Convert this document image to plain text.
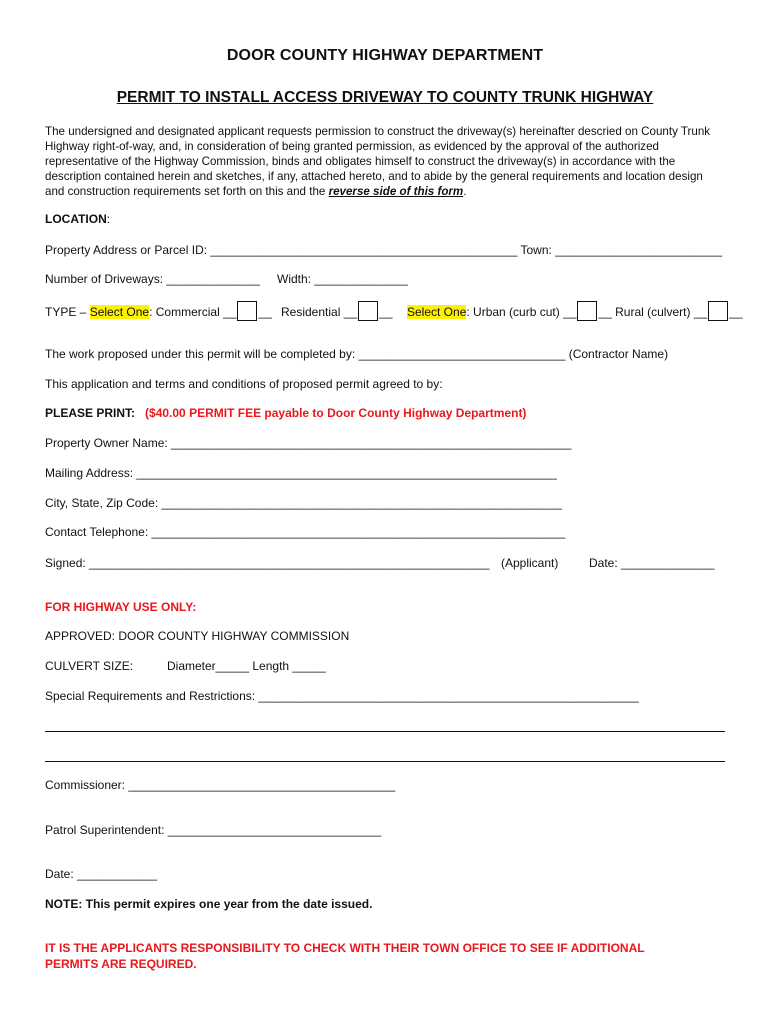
DOOR COUNTY HIGHWAY DEPARTMENT
PERMIT TO INSTALL ACCESS DRIVEWAY TO COUNTY TRUNK HIGHWAY
The undersigned and designated applicant requests permission to construct the driveway(s) hereinafter descried on County Trunk Highway right-of-way, and, in consideration of being granted permission, as evidenced by the approval of the authorized representative of the Highway Commission, binds and obligates himself to construct the driveway(s) in accordance with the description contained herein and sketches, if any, attached hereto, and to abide by the general requirements and location design and construction requirements set forth on this and the reverse side of this form.
LOCATION:
Property Address or Parcel ID: ______________________________________________ Town: _________________________
Number of Driveways: ______________ Width: ______________
TYPE – Select One: Commercial __ __ Residential __ __ Select One: Urban (curb cut) __ __ Rural (culvert) __ __
The work proposed under this permit will be completed by: _______________________________ (Contractor Name)
This application and terms and conditions of proposed permit agreed to by:
PLEASE PRINT: ($40.00 PERMIT FEE payable to Door County Highway Department)
Property Owner Name: ____________________________________________________________
Mailing Address: _______________________________________________________________
City, State, Zip Code: ____________________________________________________________
Contact Telephone: ______________________________________________________________
Signed: ____________________________________________________________ (Applicant)	Date: ______________
FOR HIGHWAY USE ONLY:
APPROVED: DOOR COUNTY HIGHWAY COMMISSION
CULVERT SIZE:	Diameter_____ Length _____
Special Requirements and Restrictions: _________________________________________________________
Commissioner: ________________________________________
Patrol Superintendent: ________________________________
Date: ____________
NOTE: This permit expires one year from the date issued.
IT IS THE APPLICANTS RESPONSIBILITY TO CHECK WITH THEIR TOWN OFFICE TO SEE IF ADDITIONAL
PERMITS ARE REQUIRED.
